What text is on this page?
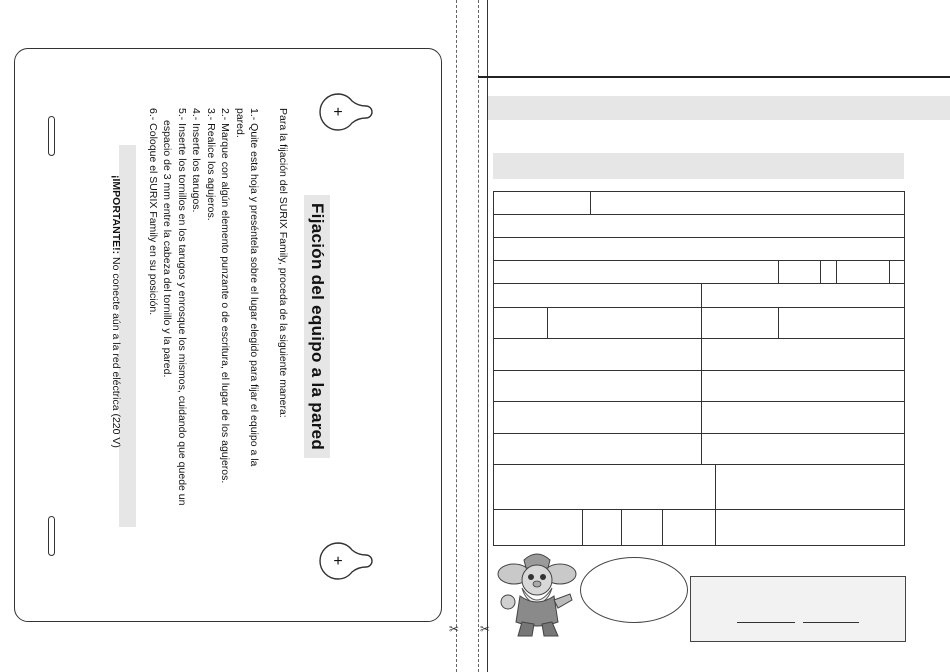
+
+
Fijación del equipo a la pared
Para la fijación del SURIX Family, proceda de la siguiente manera:
1.- Quite esta hoja y preséntela sobre el lugar elegido para fijar el equipo a la
pared.
2.- Marque con algún elemento punzante o de escritura, el lugar de los agujeros.
3.- Realice los agujeros.
4.- Inserte los tarugos.
5.- Inserte los tornillos en los tarugos y enrosque los mismos, cuidando que quede un
espacio de 3 mm entre la cabeza del tornillo y la pared.
6.- Coloque el SURIX Family en su posición.
¡IMPORTANTE!: No conecte aún a la red eléctrica (220 V)
✂ ✂
